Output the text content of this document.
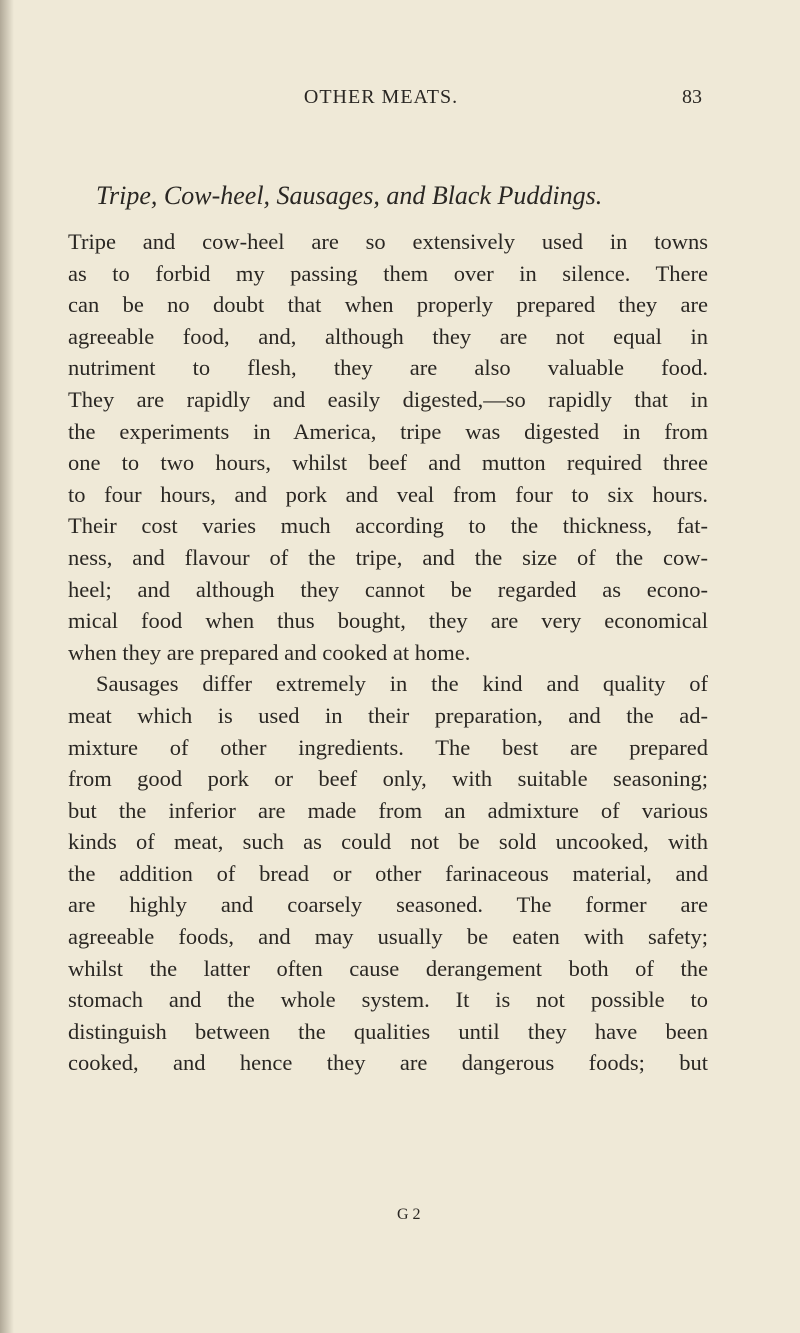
OTHER MEATS.	83
Tripe, Cow-heel, Sausages, and Black Puddings.
Tripe and cow-heel are so extensively used in towns
as to forbid my passing them over in silence. There
can be no doubt that when properly prepared they are
agreeable food, and, although they are not equal in
nutriment to flesh, they are also valuable food.
They are rapidly and easily digested,—so rapidly that in
the experiments in America, tripe was digested in from
one to two hours, whilst beef and mutton required three
to four hours, and pork and veal from four to six hours.
Their cost varies much according to the thickness, fat-
ness, and flavour of the tripe, and the size of the cow-
heel; and although they cannot be regarded as econo-
mical food when thus bought, they are very economical
when they are prepared and cooked at home.
Sausages differ extremely in the kind and quality of
meat which is used in their preparation, and the ad-
mixture of other ingredients. The best are prepared
from good pork or beef only, with suitable seasoning;
but the inferior are made from an admixture of various
kinds of meat, such as could not be sold uncooked, with
the addition of bread or other farinaceous material, and
are highly and coarsely seasoned. The former are
agreeable foods, and may usually be eaten with safety;
whilst the latter often cause derangement both of the
stomach and the whole system. It is not possible to
distinguish between the qualities until they have been
cooked, and hence they are dangerous foods; but
G 2
